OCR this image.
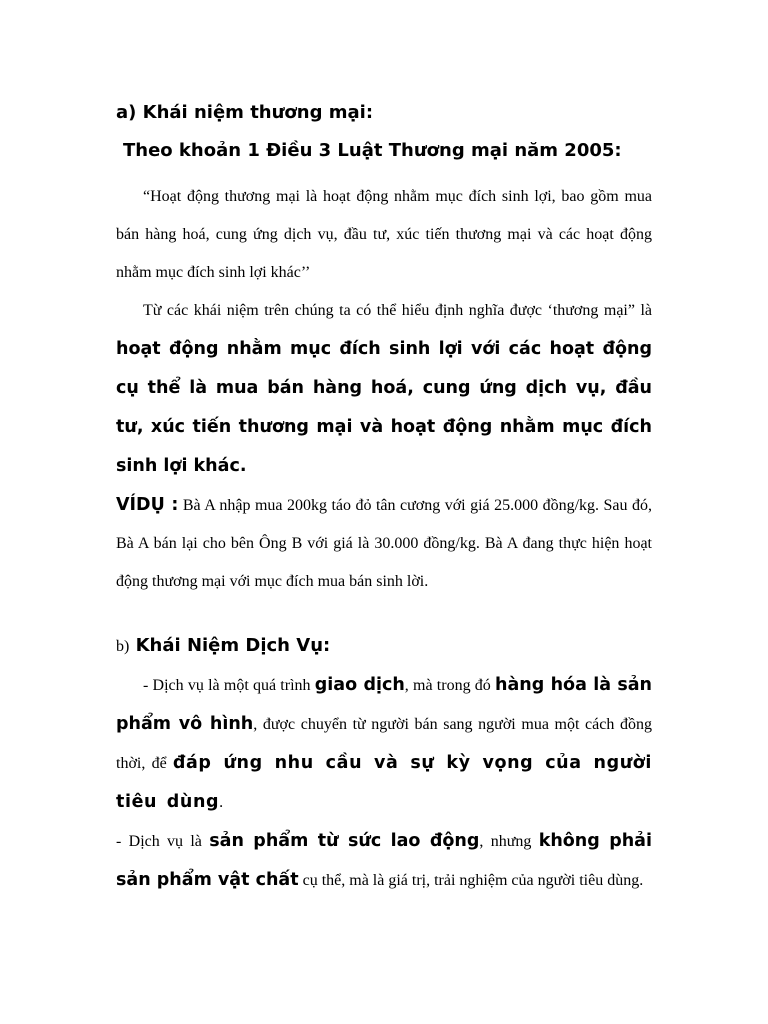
a) Khái niệm thương mại:

Theo khoản 1 Điều 3 Luật Thương mại năm 2005:

“Hoạt động thương mại là hoạt động nhằm mục đích sinh lợi, bao gồm mua bán hàng hoá, cung ứng dịch vụ, đầu tư, xúc tiến thương mại và các hoạt động nhằm mục đích sinh lợi khác’’

Từ các khái niệm trên chúng ta có thể hiểu định nghĩa được ‘thương mại” là hoạt động nhằm mục đích sinh lợi với các hoạt động cụ thể là mua bán hàng hoá, cung ứng dịch vụ, đầu tư, xúc tiến thương mại và hoạt động nhằm mục đích sinh lợi khác.

VÍDỤ : Bà A nhập mua 200kg táo đỏ tân cương với giá 25.000 đồng/kg. Sau đó, Bà A bán lại cho bên Ông B với giá là 30.000 đồng/kg. Bà A đang thực hiện hoạt động thương mại với mục đích mua bán sinh lời.

b) Khái Niệm Dịch Vụ:

- Dịch vụ là một quá trình giao dịch, mà trong đó hàng hóa là sản phẩm vô hình, được chuyển từ người bán sang người mua một cách đồng thời, để đáp ứng nhu cầu và sự kỳ vọng của người tiêu dùng.

- Dịch vụ là sản phẩm từ sức lao động, nhưng không phải sản phẩm vật chất cụ thể, mà là giá trị, trải nghiệm của người tiêu dùng.
